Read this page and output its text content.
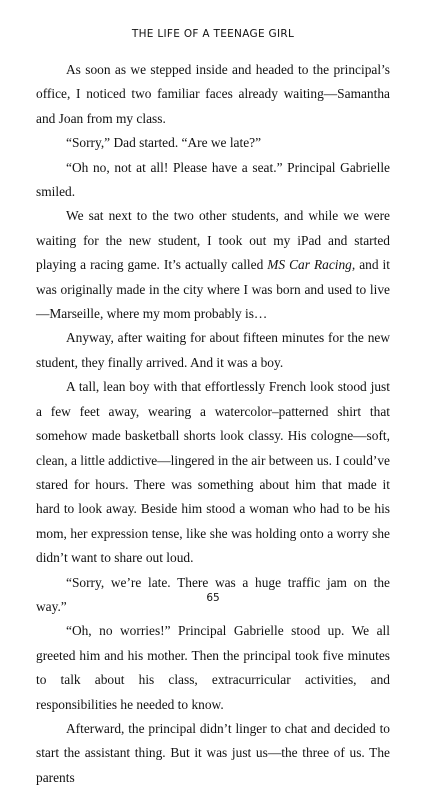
THE LIFE OF A TEENAGE GIRL

As soon as we stepped inside and headed to the principal’s office, I noticed two familiar faces already waiting—Samantha and Joan from my class.

“Sorry,” Dad started. “Are we late?”

“Oh no, not at all! Please have a seat.” Principal Gabrielle smiled.

We sat next to the two other students, and while we were waiting for the new student, I took out my iPad and started playing a racing game. It’s actually called MS Car Racing, and it was originally made in the city where I was born and used to live—Marseille, where my mom probably is…

Anyway, after waiting for about fifteen minutes for the new student, they finally arrived. And it was a boy.

A tall, lean boy with that effortlessly French look stood just a few feet away, wearing a watercolor–patterned shirt that somehow made basketball shorts look classy. His cologne—soft, clean, a little addictive—lingered in the air between us. I could’ve stared for hours. There was something about him that made it hard to look away. Beside him stood a woman who had to be his mom, her expression tense, like she was holding onto a worry she didn’t want to share out loud.

“Sorry, we’re late. There was a huge traffic jam on the way.”

“Oh, no worries!” Principal Gabrielle stood up. We all greeted him and his mother. Then the principal took five minutes to talk about his class, extracurricular activities, and responsibilities he needed to know.

Afterward, the principal didn’t linger to chat and decided to start the assistant thing. But it was just us—the three of us. The parents

65
